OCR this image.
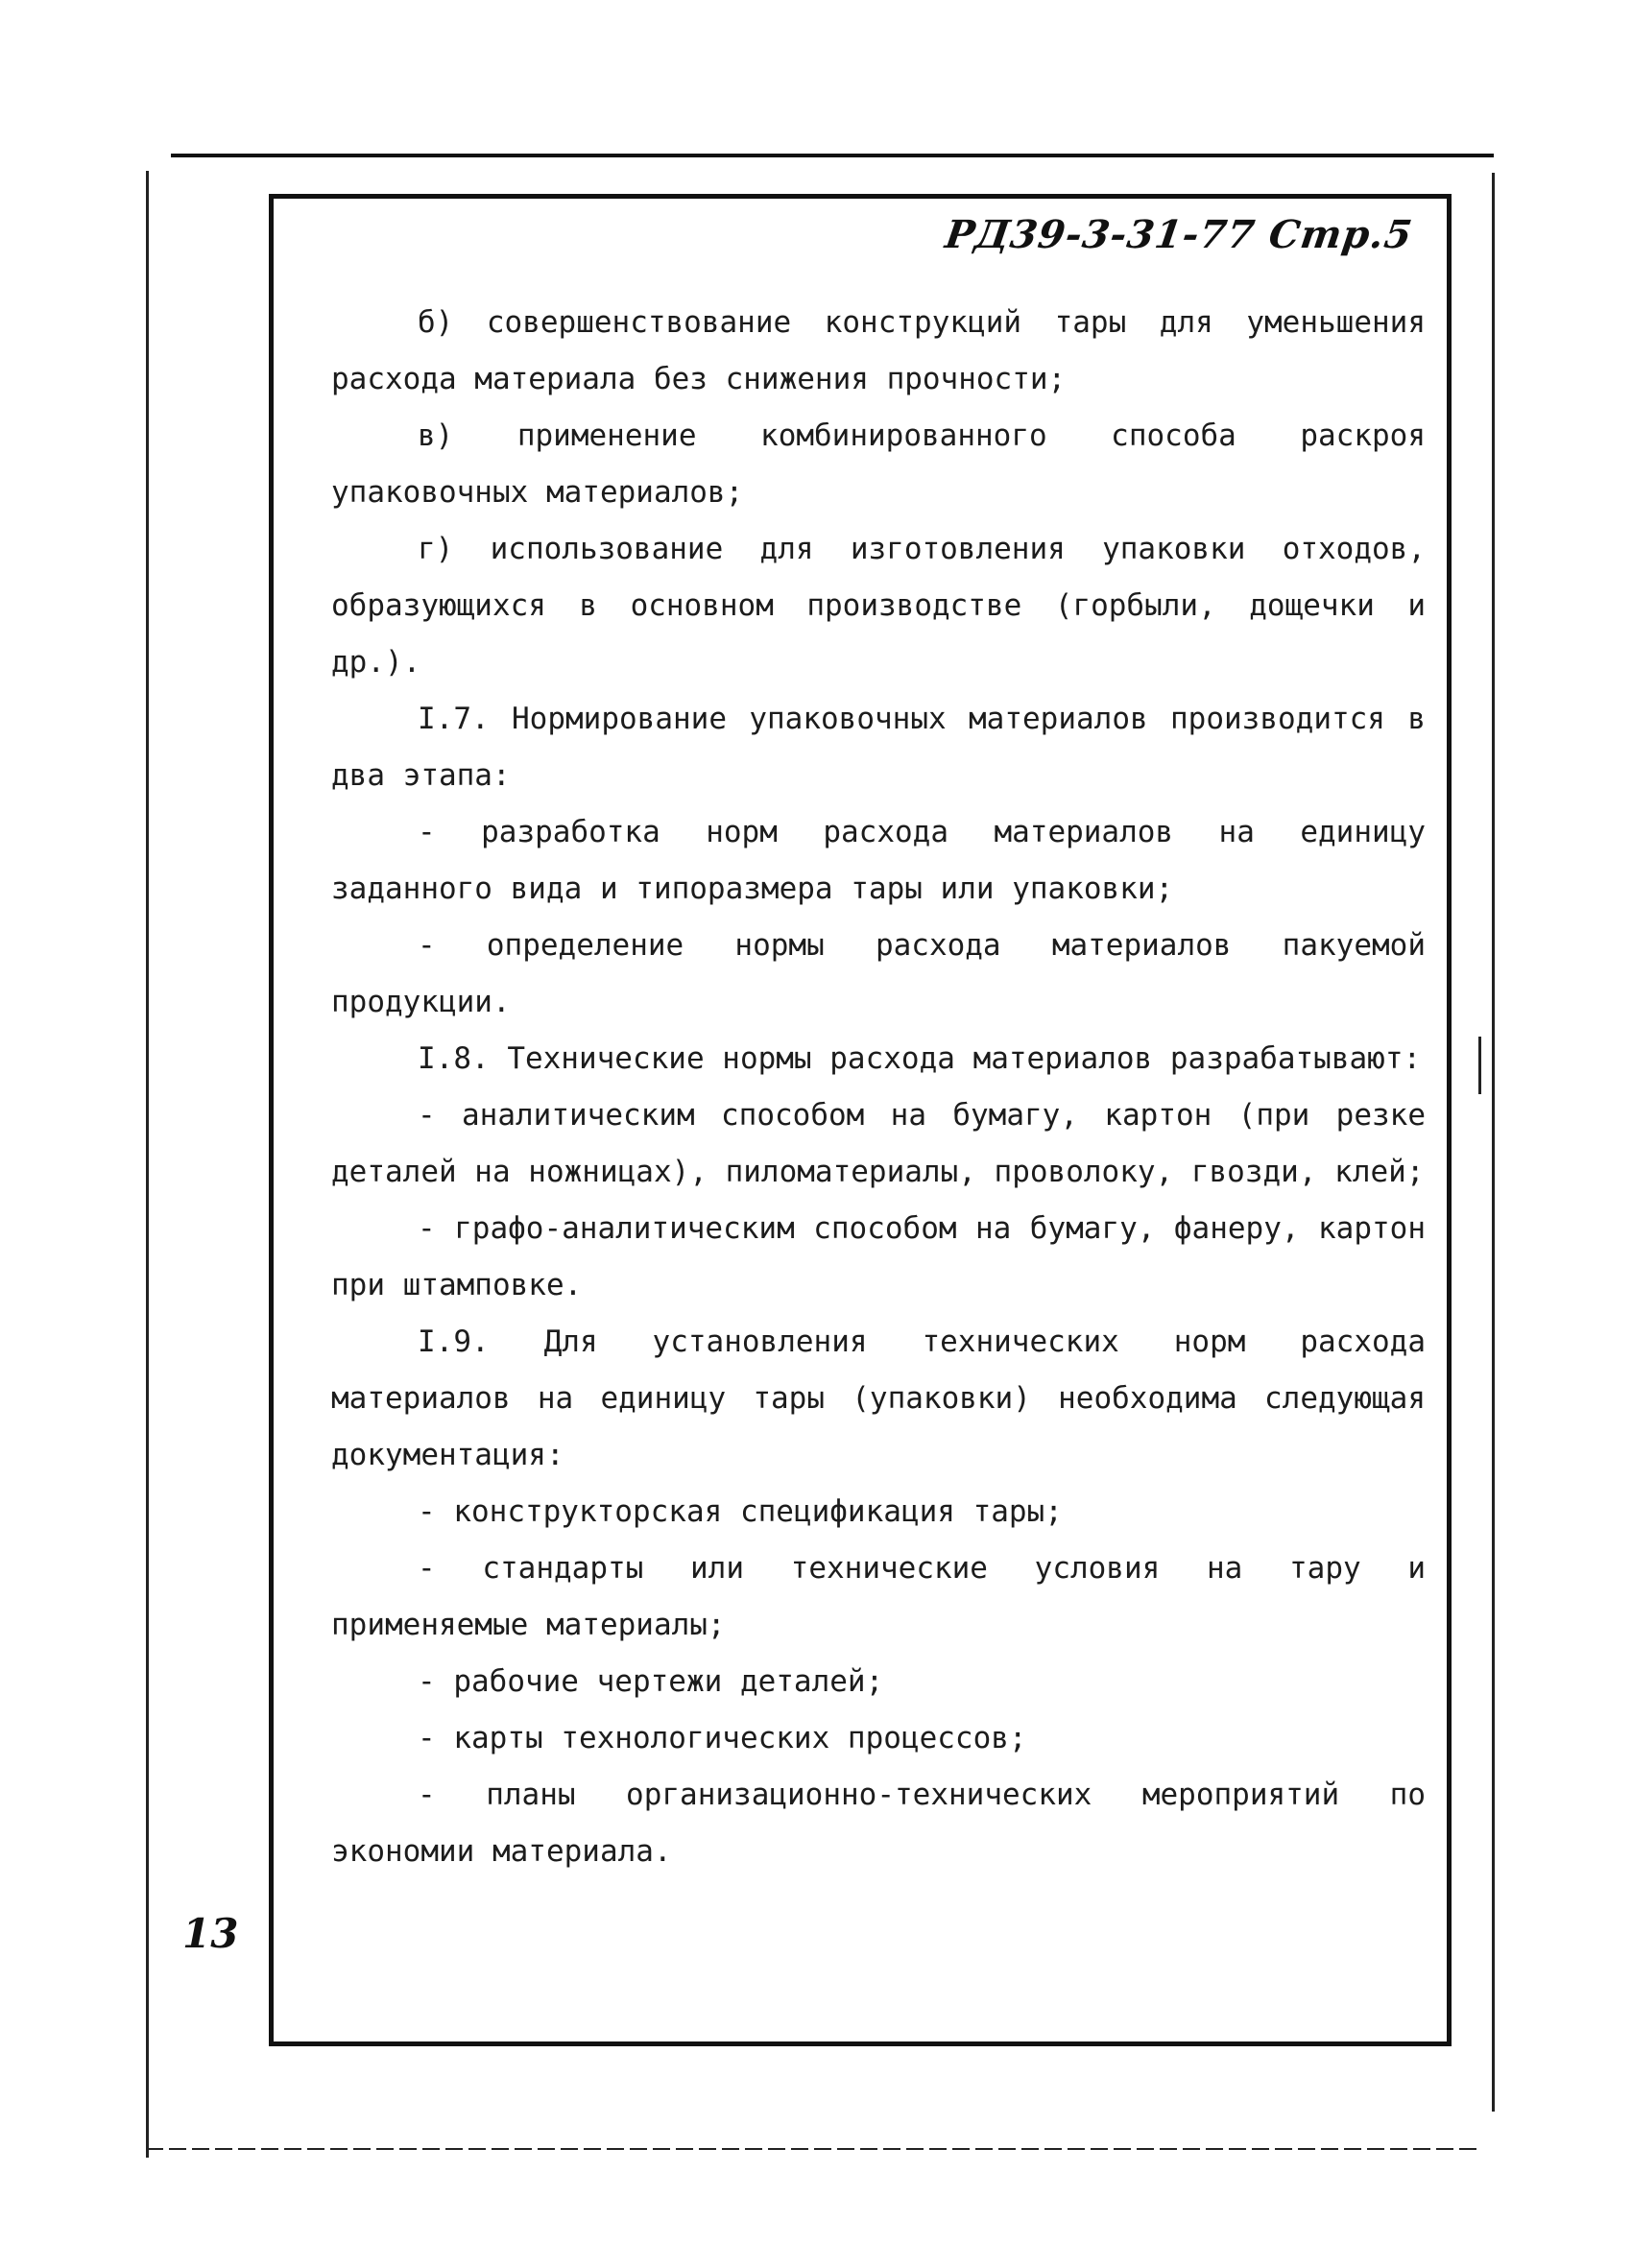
РД39-3-31-77 Стр.5

б) совершенствование конструкций тары для уменьшения расхода материала без снижения прочности;

в) применение комбинированного способа раскроя упаковочных материалов;

г) использование для изготовления упаковки отходов, образующихся в основном производстве (горбыли, дощечки и др.).

I.7. Нормирование упаковочных материалов производится в два этапа:

- разработка норм расхода материалов на единицу заданного вида и типоразмера тары или упаковки;

- определение нормы расхода материалов пакуемой продукции.

I.8. Технические нормы расхода материалов разрабатывают:

- аналитическим способом на бумагу, картон (при резке деталей на ножницах), пиломатериалы, проволоку, гвозди, клей;

- графо-аналитическим способом на бумагу, фанеру, картон при штамповке.

I.9. Для установления технических норм расхода материалов на единицу тары (упаковки) необходима следующая документация:

- конструкторская спецификация тары;

- стандарты или технические условия на тару и применяемые материалы;

- рабочие чертежи деталей;

- карты технологических процессов;

- планы организационно-технических мероприятий по экономии материала.

13
